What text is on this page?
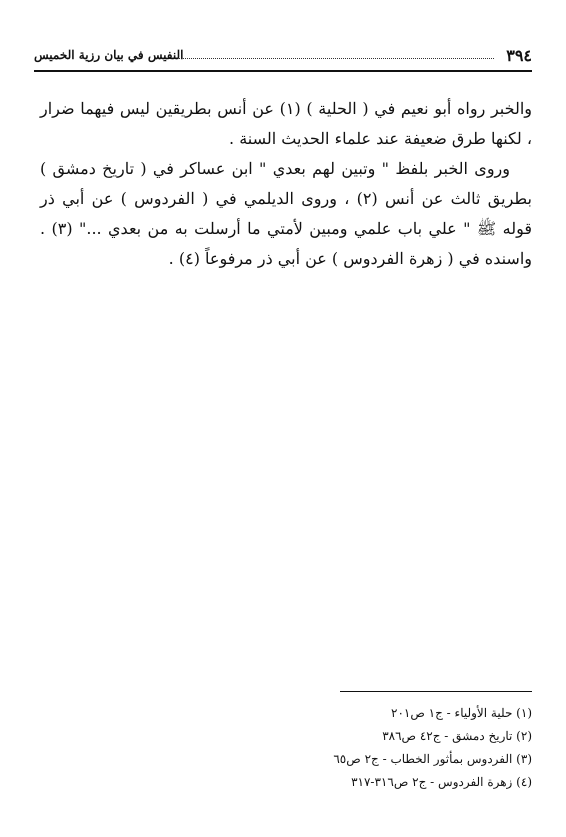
٣٩٤
النفيس في بيان رزية الخميس

والخبر رواه أبو نعيم في ( الحلية ) (١) عن أنس بطريقين ليس فيهما ضرار ، لكنها طرق ضعيفة عند علماء الحديث السنة .

وروى الخبر بلفظ " وتبين لهم بعدي " ابن عساكر في ( تاريخ دمشق ) بطريق ثالث عن أنس (٢) ، وروى الديلمي في ( الفردوس ) عن أبي ذر قوله ﷺ " علي باب علمي ومبين لأمتي ما أرسلت به من بعدي ..." (٣) . واسنده في ( زهرة الفردوس ) عن أبي ذر مرفوعاً (٤) .

(١) حلية الأولياء - ج١ ص٢٠١
(٢) تاريخ دمشق - ج٤٢ ص٣٨٦
(٣) الفردوس بمأثور الخطاب - ج٢ ص٦٥
(٤) زهرة الفردوس - ج٢ ص٣١٦-٣١٧
